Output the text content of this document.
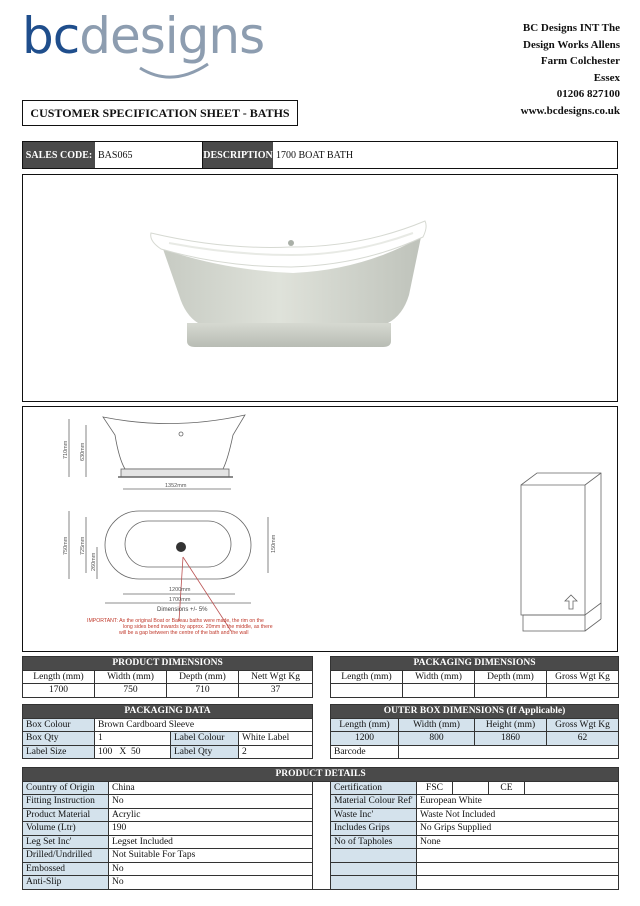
bcdesigns	BC Designs INT The
Design Works Allens
Farm Colchester
Essex
01206 827100
www.bcdesigns.co.uk
CUSTOMER SPECIFICATION SHEET - BATHS
SALES CODE: BAS065	DESCRIPTION 1700 BOAT BATH
710mm 630mm
1352mm
750mm 725mm
260mm
150mm
1200mm
1700mm
Dimensions +/- 5%
IMPORTANT: As the original Boat or Bateau baths were made, the rim on the
long sides bend inwards by approx. 20mm in the middle, as there
will be a gap between the centre of the bath and the wall
PRODUCT DIMENSIONS			
Length (mm)	Width (mm)	Depth (mm)	Nett Wgt Kg
1700	750	710	37
PACKAGING DIMENSIONS			
Length (mm)	Width (mm)	Depth (mm)	Gross Wgt Kg

PACKAGING DATA			
Box Colour	Brown Cardboard Sleeve		
Box Qty	1	Label Colour	White Label
Label Size	100   X  50	Label Qty	2
OUTER BOX DIMENSIONS (If Applicable)			
Length (mm)	Width (mm)	Height (mm)	Gross Wgt Kg
1200	800	1860	62
Barcode			
PRODUCT DETAILS							
Country of Origin	China		Certification	FSC		CE	
Fitting Instruction	No		Material Colour Ref'	European White			
Product Material	Acrylic		Waste Inc'	Waste Not Included			
Volume (Ltr)	190		Includes Grips	No Grips Supplied			
Leg Set Inc'	Legset Included		No of Tapholes	None			
Drilled/Undrilled	Not Suitable For Taps						
Embossed	No						
Anti-Slip	No						
